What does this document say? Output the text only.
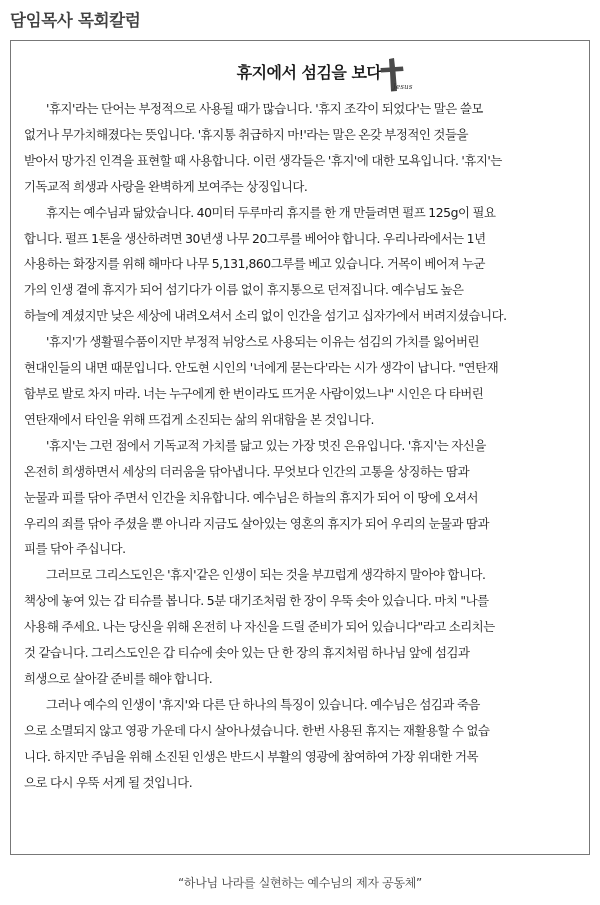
담임목사 목회칼럼
휴지에서 섬김을 보다
Jesus

'휴지'라는 단어는 부정적으로 사용될 때가 많습니다. '휴지 조각이 되었다'는 말은 쓸모
없거나 무가치해졌다는 뜻입니다. '휴지통 취급하지 마!'라는 말은 온갖 부정적인 것들을
받아서 망가진 인격을 표현할 때 사용합니다. 이런 생각들은 '휴지'에 대한 모욕입니다. '휴지'는
기독교적 희생과 사랑을 완벽하게 보여주는 상징입니다.

휴지는 예수님과 닮았습니다. 40미터 두루마리 휴지를 한 개 만들려면 펄프 125g이 필요
합니다. 펄프 1톤을 생산하려면 30년생 나무 20그루를 베어야 합니다. 우리나라에서는 1년
사용하는 화장지를 위해 해마다 나무 5,131,860그루를 베고 있습니다. 거목이 베어져 누군
가의 인생 곁에 휴지가 되어 섬기다가 이름 없이 휴지통으로 던져집니다. 예수님도 높은
하늘에 계셨지만 낮은 세상에 내려오셔서 소리 없이 인간을 섬기고 십자가에서 버려지셨습니다.

'휴지'가 생활필수품이지만 부정적 뉘앙스로 사용되는 이유는 섬김의 가치를 잃어버린
현대인들의 내면 때문입니다. 안도현 시인의 '너에게 묻는다'라는 시가 생각이 납니다. "연탄재
함부로 발로 차지 마라. 너는 누구에게 한 번이라도 뜨거운 사람이었느냐" 시인은 다 타버린
연탄재에서 타인을 위해 뜨겁게 소진되는 삶의 위대함을 본 것입니다.

'휴지'는 그런 점에서 기독교적 가치를 닮고 있는 가장 멋진 은유입니다. '휴지'는 자신을
온전히 희생하면서 세상의 더러움을 닦아냅니다. 무엇보다 인간의 고통을 상징하는 땀과
눈물과 피를 닦아 주면서 인간을 치유합니다. 예수님은 하늘의 휴지가 되어 이 땅에 오셔서
우리의 죄를 닦아 주셨을 뿐 아니라 지금도 살아있는 영혼의 휴지가 되어 우리의 눈물과 땀과
피를 닦아 주십니다.

그러므로 그리스도인은 '휴지'같은 인생이 되는 것을 부끄럽게 생각하지 말아야 합니다.
책상에 놓여 있는 갑 티슈를 봅니다. 5분 대기조처럼 한 장이 우뚝 솟아 있습니다. 마치 "나를
사용해 주세요. 나는 당신을 위해 온전히 나 자신을 드릴 준비가 되어 있습니다"라고 소리치는
것 같습니다. 그리스도인은 갑 티슈에 솟아 있는 단 한 장의 휴지처럼 하나님 앞에 섬김과
희생으로 살아갈 준비를 해야 합니다.

그러나 예수의 인생이 '휴지'와 다른 단 하나의 특징이 있습니다. 예수님은 섬김과 죽음
으로 소멸되지 않고 영광 가운데 다시 살아나셨습니다. 한번 사용된 휴지는 재활용할 수 없습
니다. 하지만 주님을 위해 소진된 인생은 반드시 부활의 영광에 참여하여 가장 위대한 거목
으로 다시 우뚝 서게 될 것입니다.

“하나님 나라를 실현하는 예수님의 제자 공동체”
